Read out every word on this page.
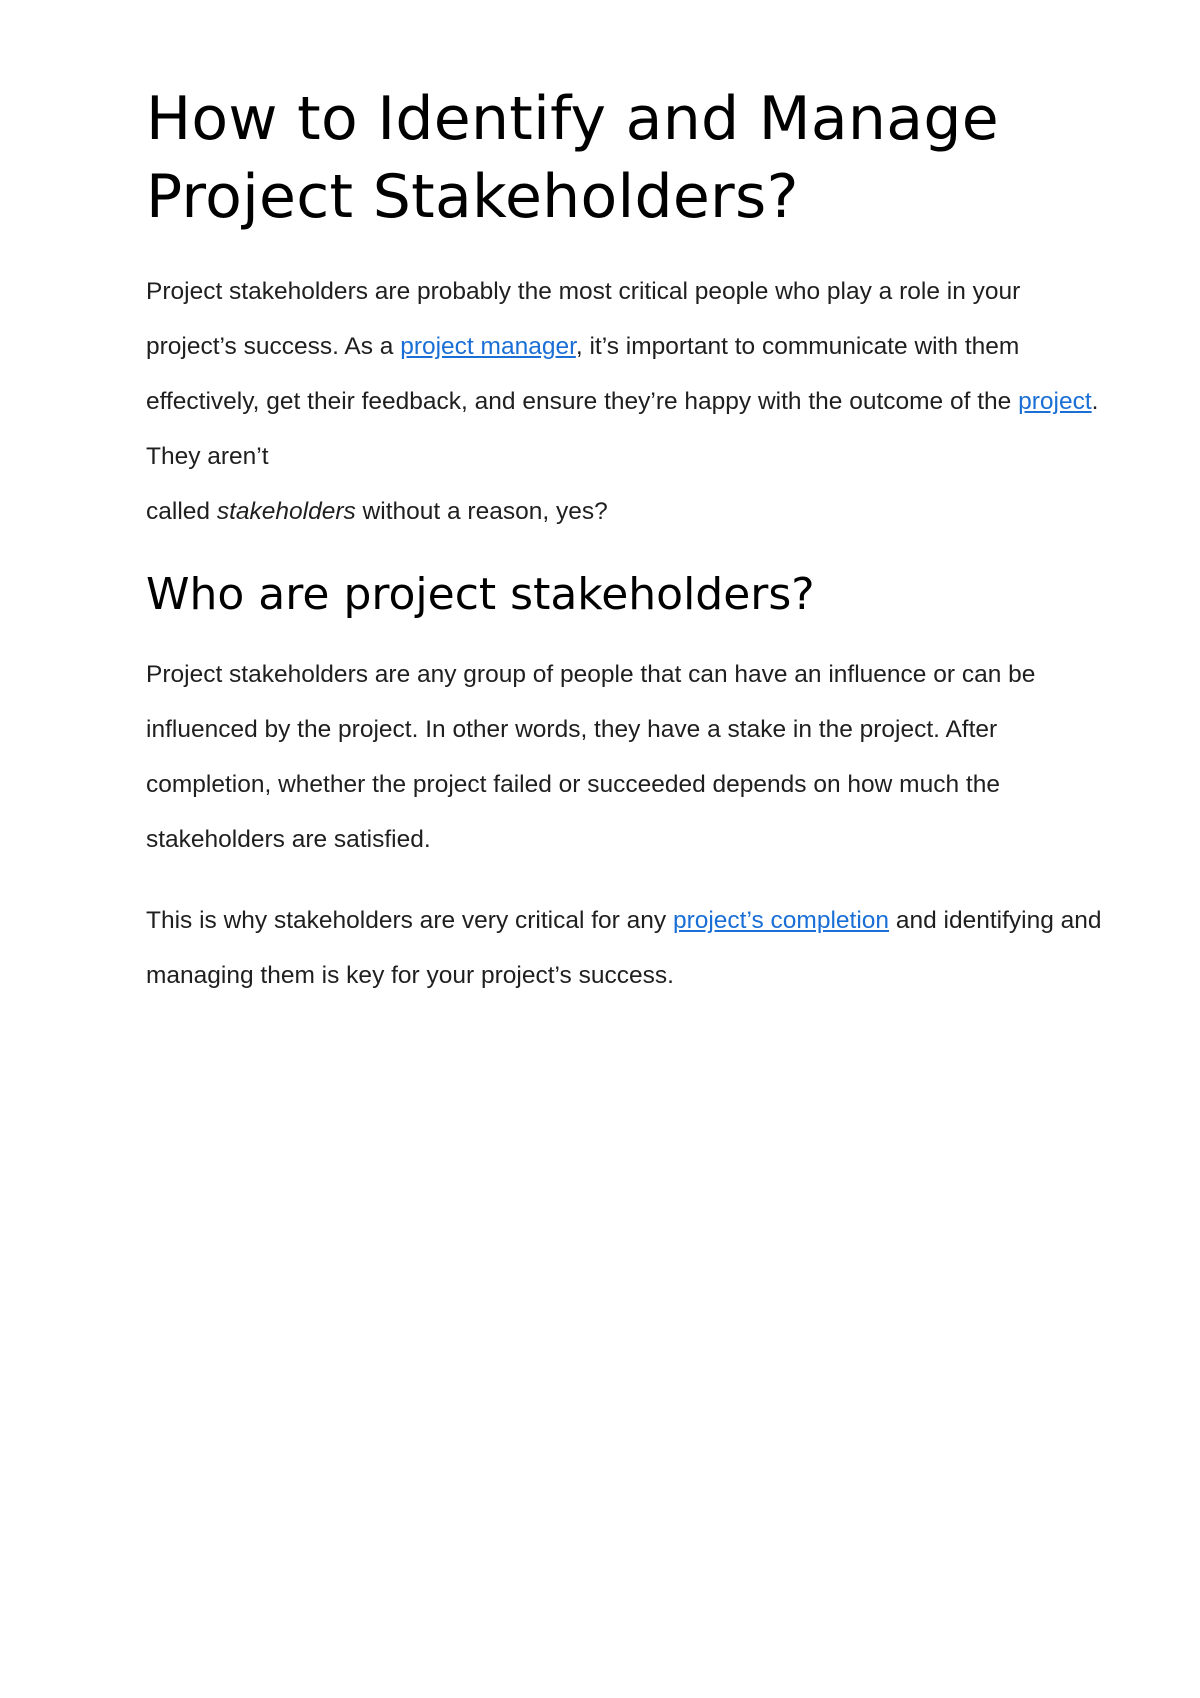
How to Identify and Manage
Project Stakeholders?

Project stakeholders are probably the most critical people who play a role in your project’s success. As a project manager, it’s important to communicate with them effectively, get their feedback, and ensure they’re happy with the outcome of the project. They aren’t
called stakeholders without a reason, yes?

Who are project stakeholders?

Project stakeholders are any group of people that can have an influence or can be influenced by the project. In other words, they have a stake in the project. After completion, whether the project failed or succeeded depends on how much the stakeholders are satisfied.

This is why stakeholders are very critical for any project’s completion and identifying and managing them is key for your project’s success.
